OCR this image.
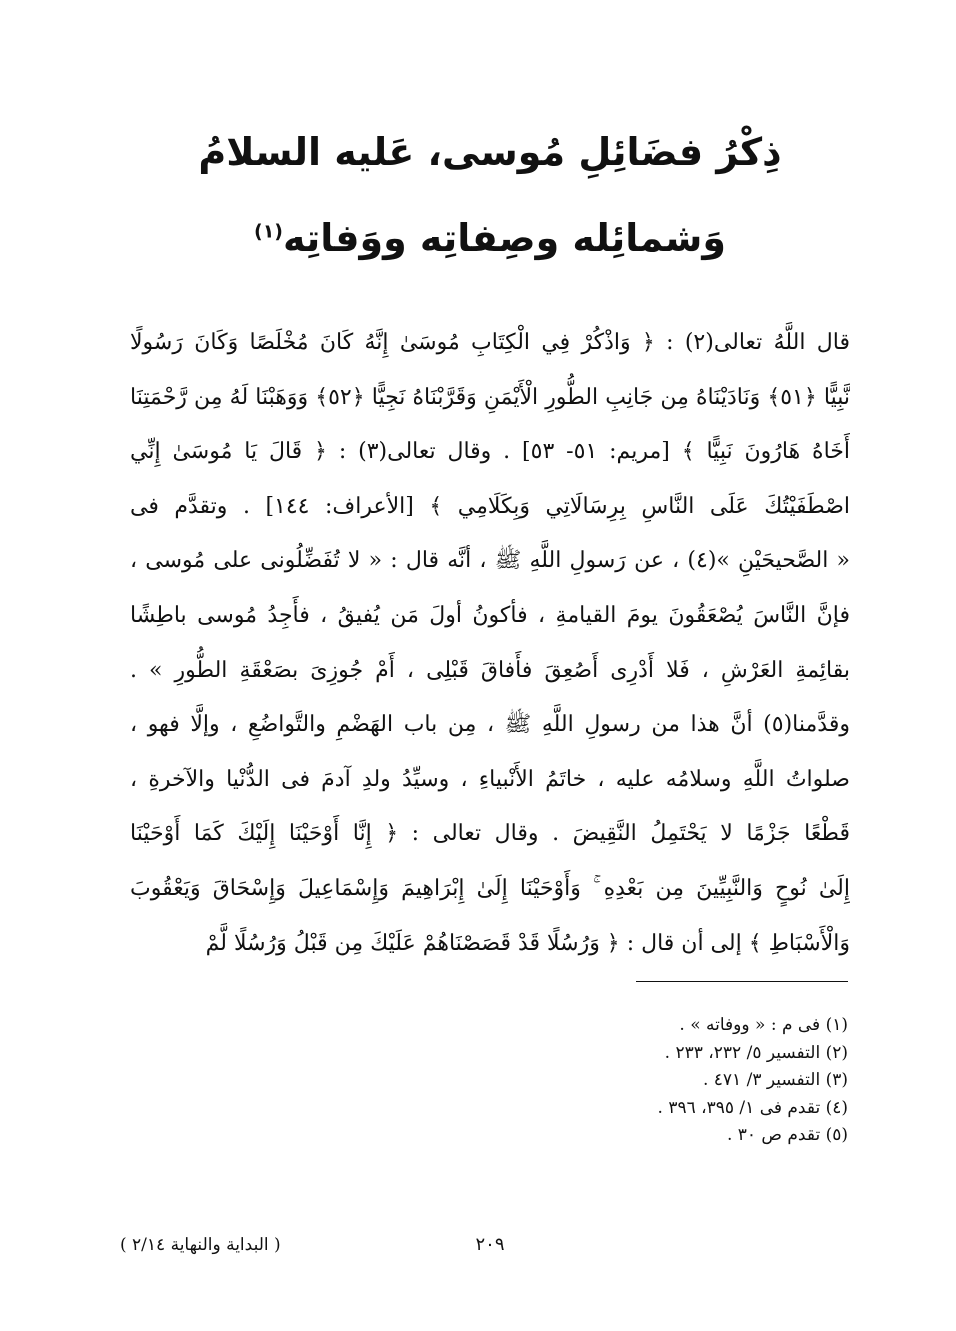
ذِكْرُ فضَائِلِ مُوسى، عَليه السلامُ
وَشمائِله وصِفاتِه ووَفاتِه$^{(١)}$
قال اللَّهُ تعالى(٢) : ﴿ وَاذْكُرْ فِي الْكِتَابِ مُوسَىٰ إِنَّهُ كَانَ مُخْلَصًا وَكَانَ رَسُولًا
نَّبِيًّا ﴿٥١﴾ وَنَادَيْنَاهُ مِن جَانِبِ الطُّورِ الْأَيْمَنِ وَقَرَّبْنَاهُ نَجِيًّا ﴿٥٢﴾ وَوَهَبْنَا لَهُ مِن رَّحْمَتِنَا
أَخَاهُ هَارُونَ نَبِيًّا ﴾ [مريم: ٥١- ٥٣] . وقال تعالى(٣) : ﴿ قَالَ يَا مُوسَىٰ إِنِّي
اصْطَفَيْتُكَ عَلَى النَّاسِ بِرِسَالَاتِي وَبِكَلَامِي ﴾ [الأعراف: ١٤٤] . وتقدَّم فى
« الصَّحيحَيْنِ »(٤) ، عن رَسولِ اللَّهِ ﷺ ، أنَّه قال : « لا تُفَضِّلُونى على مُوسى ،
فإنَّ النَّاسَ يُصْعَقُونَ يومَ القيامةِ ، فأكونُ أولَ مَن يُفيقُ ، فأَجِدُ مُوسى باطِشًا
بقائِمةِ العَرْشِ ، فَلا أَدْرِى أَصُعِقَ فأَفاقَ قَبْلِى ، أَمْ جُوزِىَ بصَعْقَةِ الطُّورِ » .
وقدَّمنا(٥) أنَّ هذا من رسولِ اللَّهِ ﷺ ، مِن باب الهَضْمِ والتَّواضُعِ ، وإلَّا فهو ،
صلواتُ اللَّهِ وسلامُه عليه ، خاتَمُ الأَنْبياءِ ، وسيِّدُ ولدِ آدمَ فى الدُّنْيا والآخرةِ ،
قَطْعًا جَزْمًا لا يَحْتَمِلُ النَّقِيضَ . وقال تعالى : ﴿ إِنَّا أَوْحَيْنَا إِلَيْكَ كَمَا أَوْحَيْنَا
إِلَىٰ نُوحٍ وَالنَّبِيِّينَ مِن بَعْدِهِ ۚ وَأَوْحَيْنَا إِلَىٰ إِبْرَاهِيمَ وَإِسْمَاعِيلَ وَإِسْحَاقَ وَيَعْقُوبَ
وَالْأَسْبَاطِ ﴾ إلى أن قال : ﴿ وَرُسُلًا قَدْ قَصَصْنَاهُمْ عَلَيْكَ مِن قَبْلُ وَرُسُلًا لَّمْ
(١) فى م : « ووفاته » .
(٢) التفسير ٥/ ٢٣٢، ٢٣٣ .
(٣) التفسير ٣/ ٤٧١ .
(٤) تقدم فى ١/ ٣٩٥، ٣٩٦ .
(٥) تقدم ص ٣٠ .
( البداية والنهاية ٢/١٤ )	٢٠٩
